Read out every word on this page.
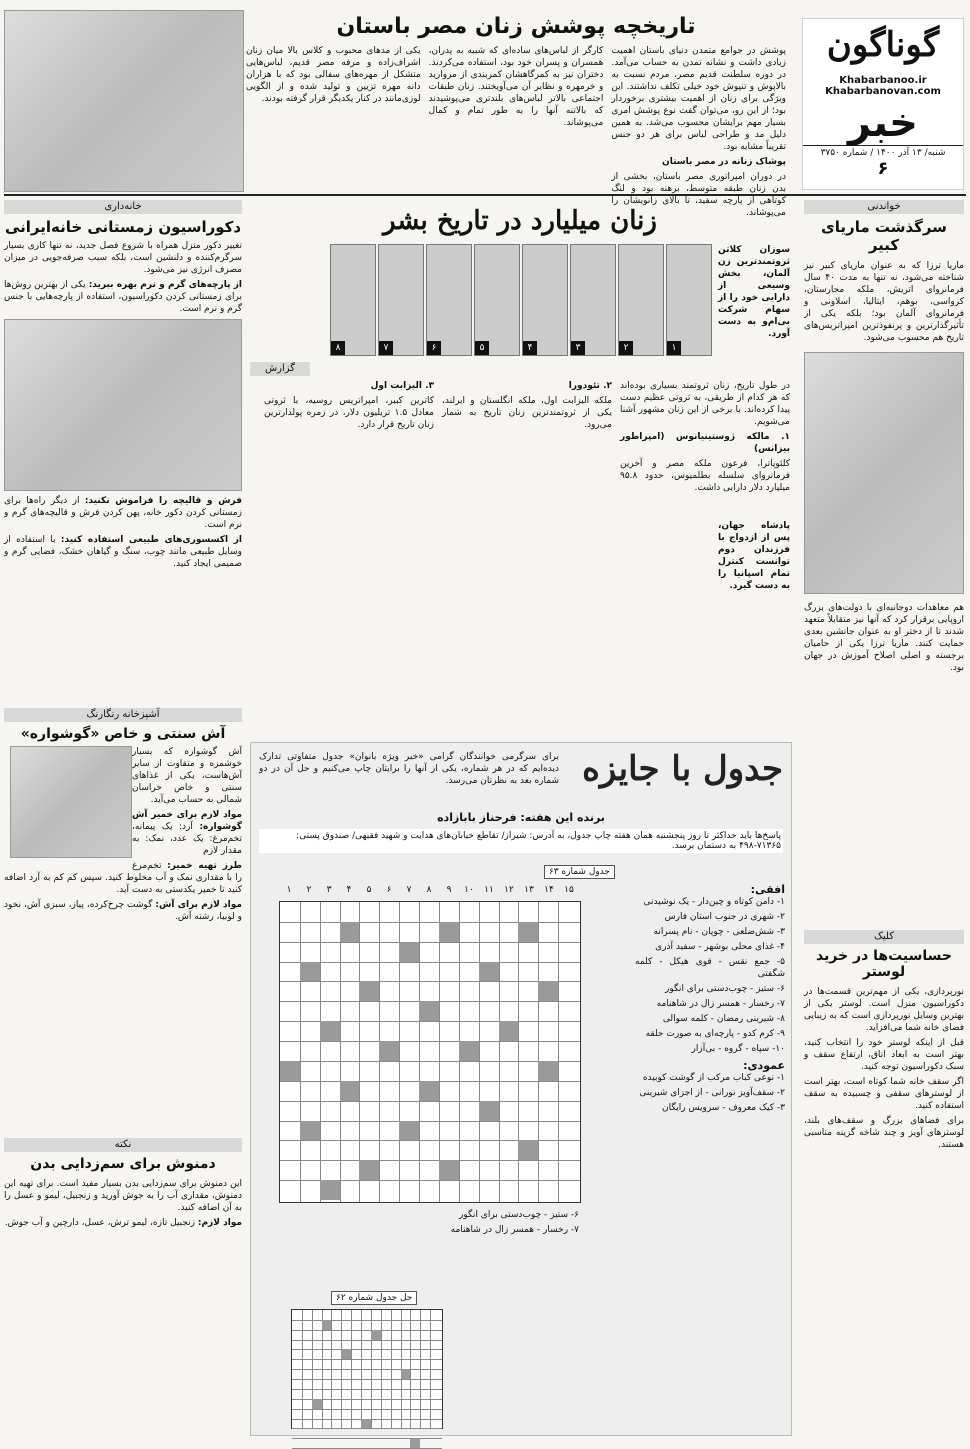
گوناگون
Khabarbanoo.ir
Khabarbanovan.com
خبر
شنبه/ ۱۳ آذر ۱۴۰۰ / شماره ۳۷۵۰
۶
تاریخچه پوشش زنان مصر باستان

پوشش در جوامع متمدن دنیای باستان اهمیت زیادی داشت و نشانه تمدن به حساب می‌آمد. در دوره سلطنت قدیم مصر، مردم نسبت به بالاپوش و تنپوش خود خیلی تکلف نداشتند. این ویژگی برای زنان از اهمیت بیشتری برخوردار بود؛ از این رو، می‌توان گفت نوع پوشش امری بسیار مهم برایشان محسوب می‌شد. به همین دلیل مد و طراحی لباس برای هر دو جنس تقریباً مشابه بود.

پوشاک زنانه در مصر باستان

در دوران امپراتوری مصر باستان، بخشی از بدن زنان طبقه متوسط، برهنه بود و لنگ کوتاهی از پارچه سفید، تا بالای زانویشان را می‌پوشاند.

کارگر از لباس‌های ساده‌ای که شبیه به پدران، همسران و پسران خود بود، استفاده می‌کردند. دختران نیز به کمرگاهشان کمربندی از مروارید و خرمهره و نظایر آن می‌آویختند. زنان طبقات اجتماعی بالاتر لباس‌های بلندتری می‌پوشیدند که بالاتنه آنها را به طور تمام و کمال می‌پوشاند.

یکی از مدهای محبوب و کلاس بالا میان زنان اشراف‌زاده و مرفه مصر قدیم، لباس‌هایی متشکل از مهره‌های سفالی بود که با هزاران دانه مهره تزیین و تولید شده و از الگویی لوزی‌مانند در کنار یکدیگر قرار گرفته بودند.

خواندنی
سرگذشت ماریای کبیر

ماریا ترزا که به عنوان ماریای کبیر نیز شناخته می‌شود، نه تنها به مدت ۴۰ سال فرمانروای اتریش، ملکه مجارستان، کرواسی، بوهم، ایتالیا، اسلاونی و فرمانروای آلمان بود؛ بلکه یکی از تأثیرگذارترین و پرنفوذترین امپراتریس‌های تاریخ هم محسوب می‌شود.

هم معاهدات دوجانبه‌ای با دولت‌های بزرگ اروپایی برقرار کرد که آنها نیز متقابلاً متعهد شدند تا از دختر او به عنوان جانشین بعدی حمایت کنند. ماریا ترزا یکی از حامیان برجسته و اصلی اصلاح آموزش در جهان بود.

کلیک
حساسیت‌ها در خرید لوستر

نورپردازی، یکی از مهم‌ترین قسمت‌ها در دکوراسیون منزل است. لوستر یکی از بهترین وسایل نورپردازی است که به زیبایی فضای خانه شما می‌افزاید.

قبل از اینکه لوستر خود را انتخاب کنید، بهتر است به ابعاد اتاق، ارتفاع سقف و سبک دکوراسیون توجه کنید.

اگر سقف خانه شما کوتاه است، بهتر است از لوسترهای سقفی و چسبیده به سقف استفاده کنید.

برای فضاهای بزرگ و سقف‌های بلند، لوسترهای آویز و چند شاخه گزینه مناسبی هستند.

خانه‌داری
دکوراسیون زمستانی خانه‌ایرانی

تغییر دکور منزل همراه با شروع فصل جدید، نه تنها کاری بسیار سرگرم‌کننده و دلنشین است، بلکه سبب صرفه‌جویی در میزان مصرف انرژی نیز می‌شود.

از پارچه‌های گرم و نرم بهره ببرید: یکی از بهترین روش‌ها برای زمستانی کردن دکوراسیون، استفاده از پارچه‌هایی با جنس گرم و نرم است.

فرش و قالیچه را فراموش نکنید: از دیگر راه‌ها برای زمستانی کردن دکور خانه، پهن کردن فرش و قالیچه‌های گرم و نرم است.

از اکسسوری‌های طبیعی استفاده کنید: با استفاده از وسایل طبیعی مانند چوب، سنگ و گیاهان خشک، فضایی گرم و صمیمی ایجاد کنید.

آشپزخانه رنگارنگ
آش سنتی و خاص «گوشواره»

آش گوشواره که بسیار خوشمزه و متفاوت از سایر آش‌هاست، یکی از غذاهای سنتی و خاص خراسان شمالی به حساب می‌آید.

مواد لازم برای خمیر آش گوشواره: آرد: یک پیمانه، تخم‌مرغ: یک عدد، نمک: به مقدار لازم

طرز تهیه خمیر: تخم‌مرغ را با مقداری نمک و آب مخلوط کنید. سپس کم کم به آرد اضافه کنید تا خمیر یکدستی به دست آید.

مواد لازم برای آش: گوشت چرخ‌کرده، پیاز، سبزی آش، نخود و لوبیا، رشته آش.

نکته
دمنوش برای سم‌زدایی بدن

این دمنوش برای سم‌زدایی بدن بسیار مفید است. برای تهیه این دمنوش، مقداری آب را به جوش آورید و زنجبیل، لیمو و عسل را به آن اضافه کنید.

مواد لازم: زنجبیل تازه، لیمو ترش، عسل، دارچین و آب جوش.

زنان میلیارد در تاریخ بشر
۱
۲
۳
۴
۵
۶
۷
۸
سوزان کلاتن ثروتمندترین زن آلمان، بخش وسیعی از دارایی خود را از سهام شرکت بی‌ام‌و به دست آورد.
گزارش

در طول تاریخ، زنان ثروتمند بسیاری بوده‌اند که هر کدام از طریقی، به ثروتی عظیم دست پیدا کرده‌اند. با برخی از این زنان مشهور آشنا می‌شویم.

۱. مالکه ژوستینیانوس (امپراطور بیزانس)

کلئوپاترا، فرعون ملکه مصر و آخرین فرمانروای سلسله بطلمیوس، حدود ۹۵.۸ میلیارد دلار دارایی داشت.

۲. تئودورا

ملکه الیزابت اول، ملکه انگلستان و ایرلند، یکی از ثروتمندترین زنان تاریخ به شمار می‌رود.

۳. الیزابت اول

کاترین کبیر، امپراتریس روسیه، با ثروتی معادل ۱.۵ تریلیون دلار، در زمره پولدارترین زنان تاریخ قرار دارد.

پادشاه جهان، پس از ازدواج با فرزندان دوم توانست کنترل تمام اسپانیا را به دست گیرد.
جدول با جایزه
برای سرگرمی خوانندگان گرامی «خبر ویژه بانوان» جدول متفاوتی تدارک دیده‌ایم که در هر شماره، یکی از آنها را برایتان چاپ می‌کنیم و حل آن در دو شماره بعد به نظرتان می‌رسد.
برنده این هفته: فرحناز بابازاده
پاسخ‌ها باید حداکثر تا روز پنجشنبه همان هفته چاپ جدول، به آدرس: شیراز/ تقاطع خیابان‌های هدایت و شهید فقیهی/ صندوق پستی: ۷۱۳۶۵-۴۹۸ به دستمان برسد.
جدول شماره ۶۳
افقی:

۱- دامن کوتاه و چین‌دار - یک نوشیدنی

۲- شهری در جنوب استان فارس

۳- شش‌ضلعی - چوپان - نام پسرانه

۴- غذای محلی بوشهر - سفید آذری

۵- جمع نقس - قوی هیکل - کلمه شگفتی

۶- ستیز - چوب‌دستی برای انگور

۷- رخسار - همسر زال در شاهنامه

۸- شیرینی رمضان - کلمه سوالی

۹- کرم کدو - پارچه‌ای به صورت حلقه

۱۰- سپاه - گروه - بی‌آزار

عمودی:

۱- نوعی کباب مرکب از گوشت کوبیده

۲- سقف‌آویز نورانی - از اجزای شیرینی

۳- کیک معروف - سرویس رایگان

۱	۲	۳	۴	۵	۶	۷	۸	۹	۱۰	۱۱	۱۲	۱۳	۱۴	۱۵

۶- ستیز - چوب‌دستی برای انگور

۷- رخسار - همسر زال در شاهنامه

حل جدول شماره ۶۲
